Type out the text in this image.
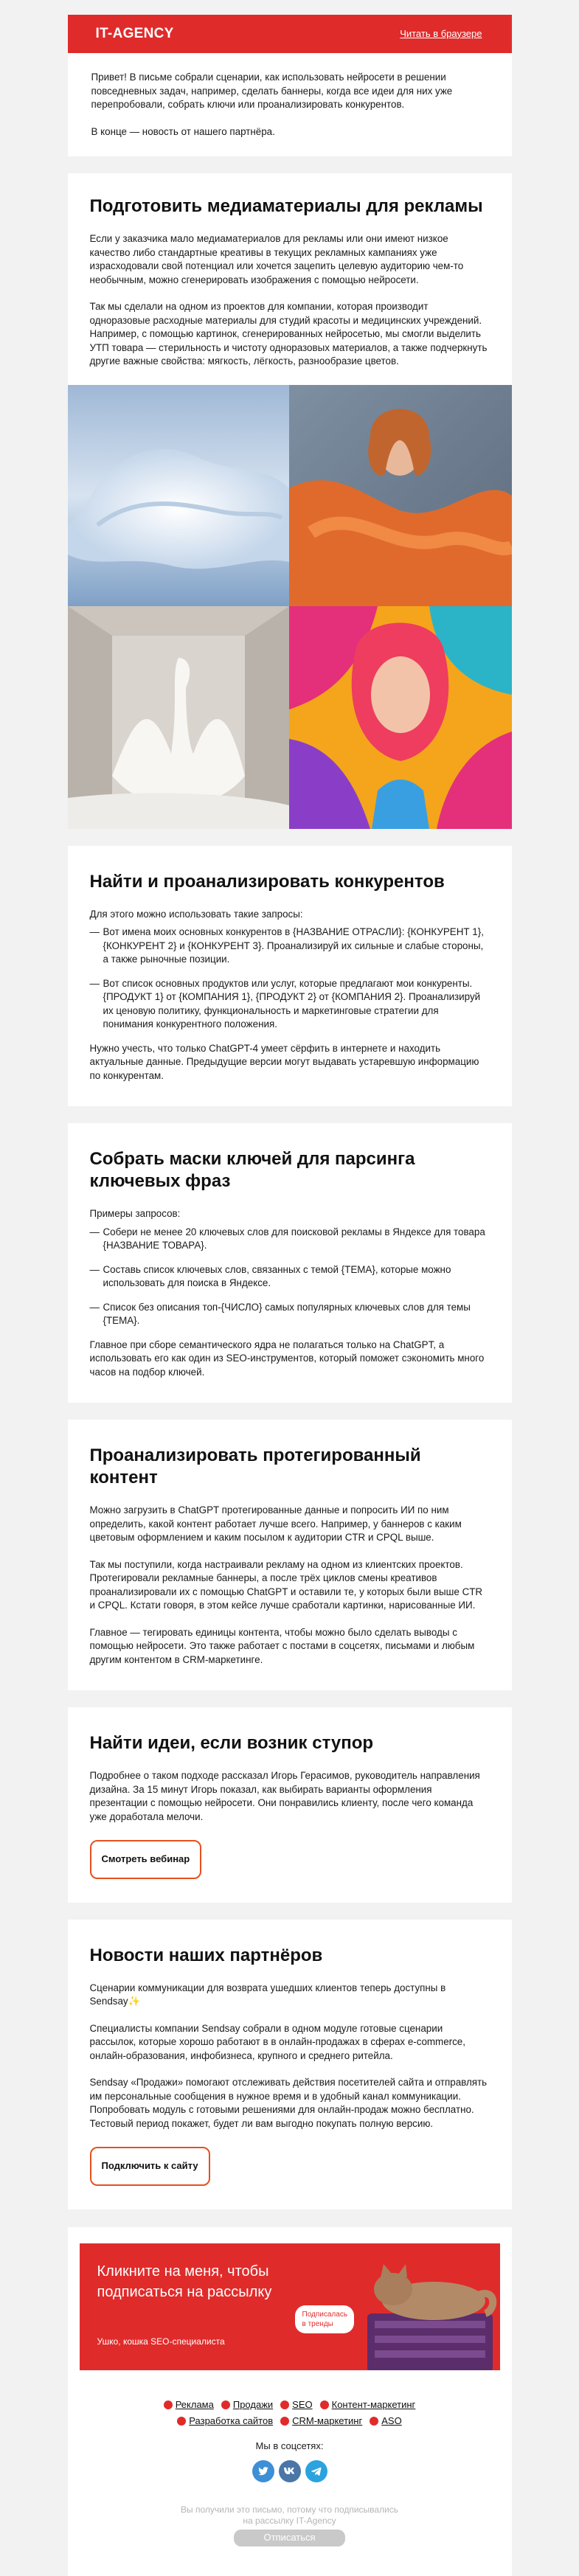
IT-AGENCY	Читать в браузере

Привет! В письме собрали сценарии, как использовать нейросети в решении повседневных задач, например, сделать баннеры, когда все идеи для них уже перепробовали, собрать ключи или проанализировать конкурентов.

В конце — новость от нашего партнёра.

Подготовить медиаматериалы для рекламы

Если у заказчика мало медиаматериалов для рекламы или они имеют низкое качество либо стандартные креативы в текущих рекламных кампаниях уже израсходовали свой потенциал или хочется зацепить целевую аудиторию чем-то необычным, можно сгенерировать изображения с помощью нейросети.

Так мы сделали на одном из проектов для компании, которая производит одноразовые расходные материалы для студий красоты и медицинских учреждений. Например, с помощью картинок, сгенерированных нейросетью, мы смогли выделить УТП товара — стерильность и чистоту одноразовых материалов, а также подчеркнуть другие важные свойства: мягкость, лёгкость, разнообразие цветов.

Найти и проанализировать конкурентов

Для этого можно использовать такие запросы:

— Вот имена моих основных конкурентов в {НАЗВАНИЕ ОТРАСЛИ}: {КОНКУРЕНТ 1}, {КОНКУРЕНТ 2} и {КОНКУРЕНТ 3}. Проанализируй их сильные и слабые стороны, а также рыночные позиции.
— Вот список основных продуктов или услуг, которые предлагают мои конкуренты. {ПРОДУКТ 1} от {КОМПАНИЯ 1}, {ПРОДУКТ 2} от {КОМПАНИЯ 2}. Проанализируй их ценовую политику, функциональность и маркетинговые стратегии для понимания конкурентного положения.

Нужно учесть, что только ChatGPT-4 умеет сёрфить в интернете и находить актуальные данные. Предыдущие версии могут выдавать устаревшую информацию по конкурентам.

Собрать маски ключей для парсинга ключевых фраз

Примеры запросов:

— Собери не менее 20 ключевых слов для поисковой рекламы в Яндексе для товара {НАЗВАНИЕ ТОВАРА}.
— Составь список ключевых слов, связанных с темой {ТЕМА}, которые можно использовать для поиска в Яндексе.
— Список без описания топ-{ЧИСЛО} самых популярных ключевых слов для темы {ТЕМА}.

Главное при сборе семантического ядра не полагаться только на ChatGPT, а использовать его как один из SEO-инструментов, который поможет сэкономить много часов на подбор ключей.

Проанализировать протегированный контент

Можно загрузить в ChatGPT протегированные данные и попросить ИИ по ним определить, какой контент работает лучше всего. Например, у баннеров с каким цветовым оформлением и каким посылом к аудитории CTR и CPQL выше.

Так мы поступили, когда настраивали рекламу на одном из клиентских проектов. Протегировали рекламные баннеры, а после трёх циклов смены креативов проанализировали их с помощью ChatGPT и оставили те, у которых были выше CTR и CPQL. Кстати говоря, в этом кейсе лучше сработали картинки, нарисованные ИИ.

Главное — тегировать единицы контента, чтобы можно было сделать выводы с помощью нейросети. Это также работает с постами в соцсетях, письмами и любым другим контентом в CRM-маркетинге.

Найти идеи, если возник ступор

Подробнее о таком подходе рассказал Игорь Герасимов, руководитель направления дизайна. За 15 минут Игорь показал, как выбирать варианты оформления презентации с помощью нейросети. Они понравились клиенту, после чего команда уже доработала мелочи.

Смотреть вебинар
Новости наших партнёров

Сценарии коммуникации для возврата ушедших клиентов теперь доступны в Sendsay✨

Специалисты компании Sendsay собрали в одном модуле готовые сценарии рассылок, которые хорошо работают в в онлайн-продажах в сферах e-commerce, онлайн-образования, инфобизнеса, крупного и среднего ритейла.

Sendsay «Продажи» помогают отслеживать действия посетителей сайта и отправлять им персональные сообщения в нужное время и в удобный канал коммуникации. Попробовать модуль с готовыми решениями для онлайн-продаж можно бесплатно. Тестовый период покажет, будет ли вам выгодно покупать полную версию.

Подключить к сайту
Кликните на меня, чтобы подписаться на рассылку
Ушко, кошка SEO-специалиста
Подпиcалась в тренды
Реклама Продажи SEO Контент-маркетинг
Разработка сайтов CRM-маркетинг ASO
Мы в соцсетях:
Вы получили это письмо, потому что подписывались
на рассылку IT-Agency
Отписаться
